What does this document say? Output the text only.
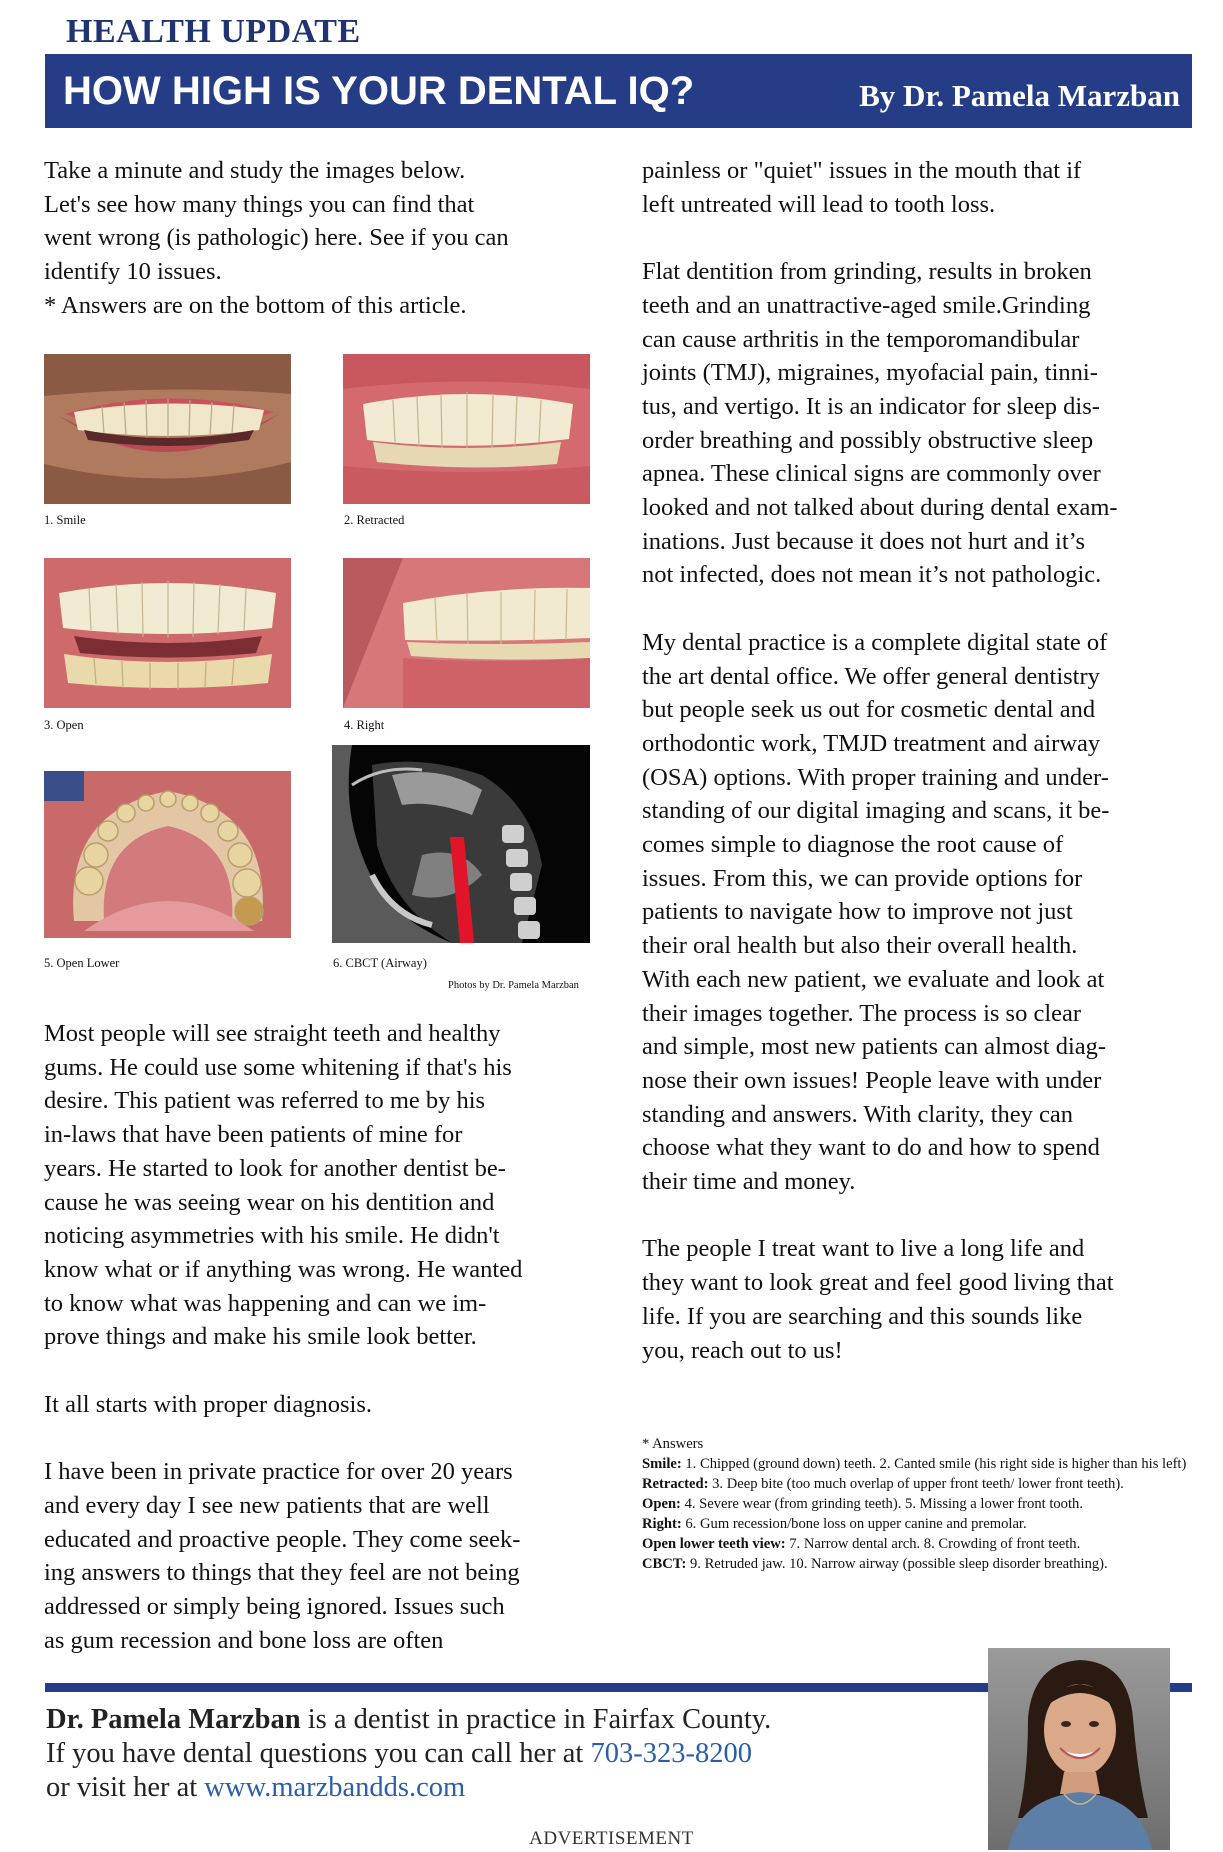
HEALTH UPDATE
HOW HIGH IS YOUR DENTAL IQ?	By Dr. Pamela Marzban

Take a minute and study the images below.

Let's see how many things you can find that

went wrong (is pathologic) here. See if you can

identify 10 issues.

* Answers are on the bottom of this article.

1. Smile	2. Retracted
3. Open	4. Right
5. Open Lower	6. CBCT (Airway)
Photos by Dr. Pamela Marzban

Most people will see straight teeth and healthy

gums. He could use some whitening if that's his

desire. This patient was referred to me by his

in-laws that have been patients of mine for

years. He started to look for another dentist be-

cause he was seeing wear on his dentition and

noticing asymmetries with his smile. He didn't

know what or if anything was wrong. He wanted

to know what was happening and can we im-

prove things and make his smile look better.

It all starts with proper diagnosis.

I have been in private practice for over 20 years

and every day I see new patients that are well

educated and proactive people. They come seek-

ing answers to things that they feel are not being

addressed or simply being ignored. Issues such

as gum recession and bone loss are often

painless or "quiet" issues in the mouth that if

left untreated will lead to tooth loss.

Flat dentition from grinding, results in broken

teeth and an unattractive-aged smile.Grinding

can cause arthritis in the temporomandibular

joints (TMJ), migraines, myofacial pain, tinni-

tus, and vertigo. It is an indicator for sleep dis-

order breathing and possibly obstructive sleep

apnea. These clinical signs are commonly over

looked and not talked about during dental exam-

inations. Just because it does not hurt and it’s

not infected, does not mean it’s not pathologic.

My dental practice is a complete digital state of

the art dental office. We offer general dentistry

but people seek us out for cosmetic dental and

orthodontic work, TMJD treatment and airway

(OSA) options. With proper training and under-

standing of our digital imaging and scans, it be-

comes simple to diagnose the root cause of

issues. From this, we can provide options for

patients to navigate how to improve not just

their oral health but also their overall health.

With each new patient, we evaluate and look at

their images together. The process is so clear

and simple, most new patients can almost diag-

nose their own issues! People leave with under

standing and answers. With clarity, they can

choose what they want to do and how to spend

their time and money.

The people I treat want to live a long life and

they want to look great and feel good living that

life. If you are searching and this sounds like

you, reach out to us!

* Answers

Smile: 1. Chipped (ground down) teeth. 2. Canted smile (his right side is higher than his left)

Retracted: 3. Deep bite (too much overlap of upper front teeth/ lower front teeth).

Open: 4. Severe wear (from grinding teeth). 5. Missing a lower front tooth.

Right: 6. Gum recession/bone loss on upper canine and premolar.

Open lower teeth view: 7. Narrow dental arch. 8. Crowding of front teeth.

CBCT: 9. Retruded jaw. 10. Narrow airway (possible sleep disorder breathing).

Dr. Pamela Marzban is a dentist in practice in Fairfax County.
If you have dental questions you can call her at 703-323-8200
or visit her at www.marzbandds.com
ADVERTISEMENT
